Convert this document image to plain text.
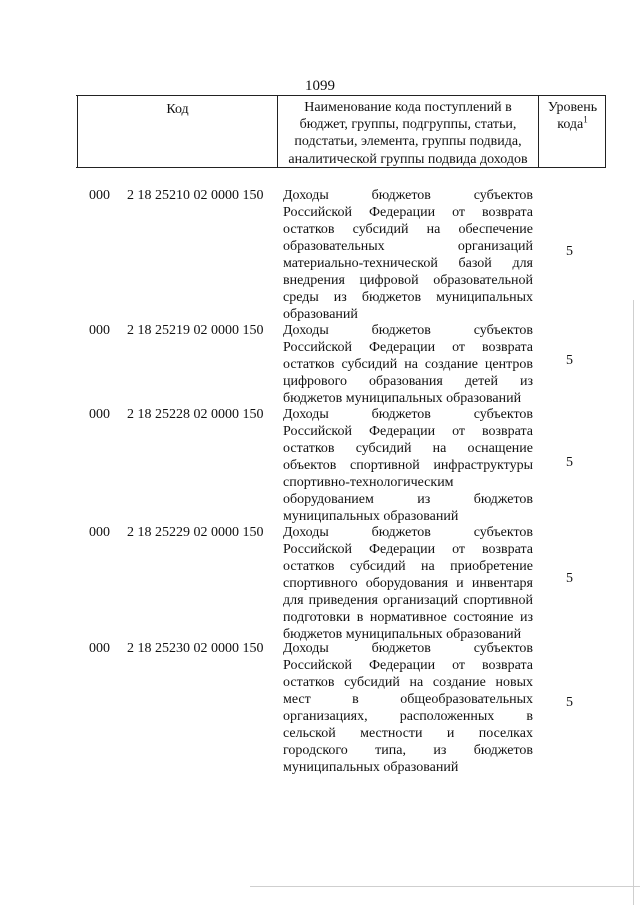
1099
Код	Наименование кода поступлений в
бюджет, группы, подгруппы, статьи,
подстатьи, элемента, группы подвида,
аналитической группы подвида доходов
Уровень
кода$^1$
000 2 18 25210 02 0000 150 Доходы бюджетов субъектов
Российской Федерации от возврата
остатков субсидий на обеспечение
образовательных организаций
материально-технической базой для
внедрения цифровой образовательной
среды из бюджетов муниципальных
образований
5
000 2 18 25219 02 0000 150 Доходы бюджетов субъектов
Российской Федерации от возврата
остатков субсидий на создание центров
цифрового образования детей из
бюджетов муниципальных образований
5
000 2 18 25228 02 0000 150 Доходы бюджетов субъектов
Российской Федерации от возврата
остатков субсидий на оснащение
объектов спортивной инфраструктуры
спортивно-технологическим
оборудованием из бюджетов
муниципальных образований
5
000 2 18 25229 02 0000 150 Доходы бюджетов субъектов
Российской Федерации от возврата
остатков субсидий на приобретение
спортивного оборудования и инвентаря
для приведения организаций спортивной
подготовки в нормативное состояние из
бюджетов муниципальных образований
5
000 2 18 25230 02 0000 150 Доходы бюджетов субъектов
Российской Федерации от возврата
остатков субсидий на создание новых
мест в общеобразовательных
организациях, расположенных в
сельской местности и поселках
городского типа, из бюджетов
муниципальных образований
5
